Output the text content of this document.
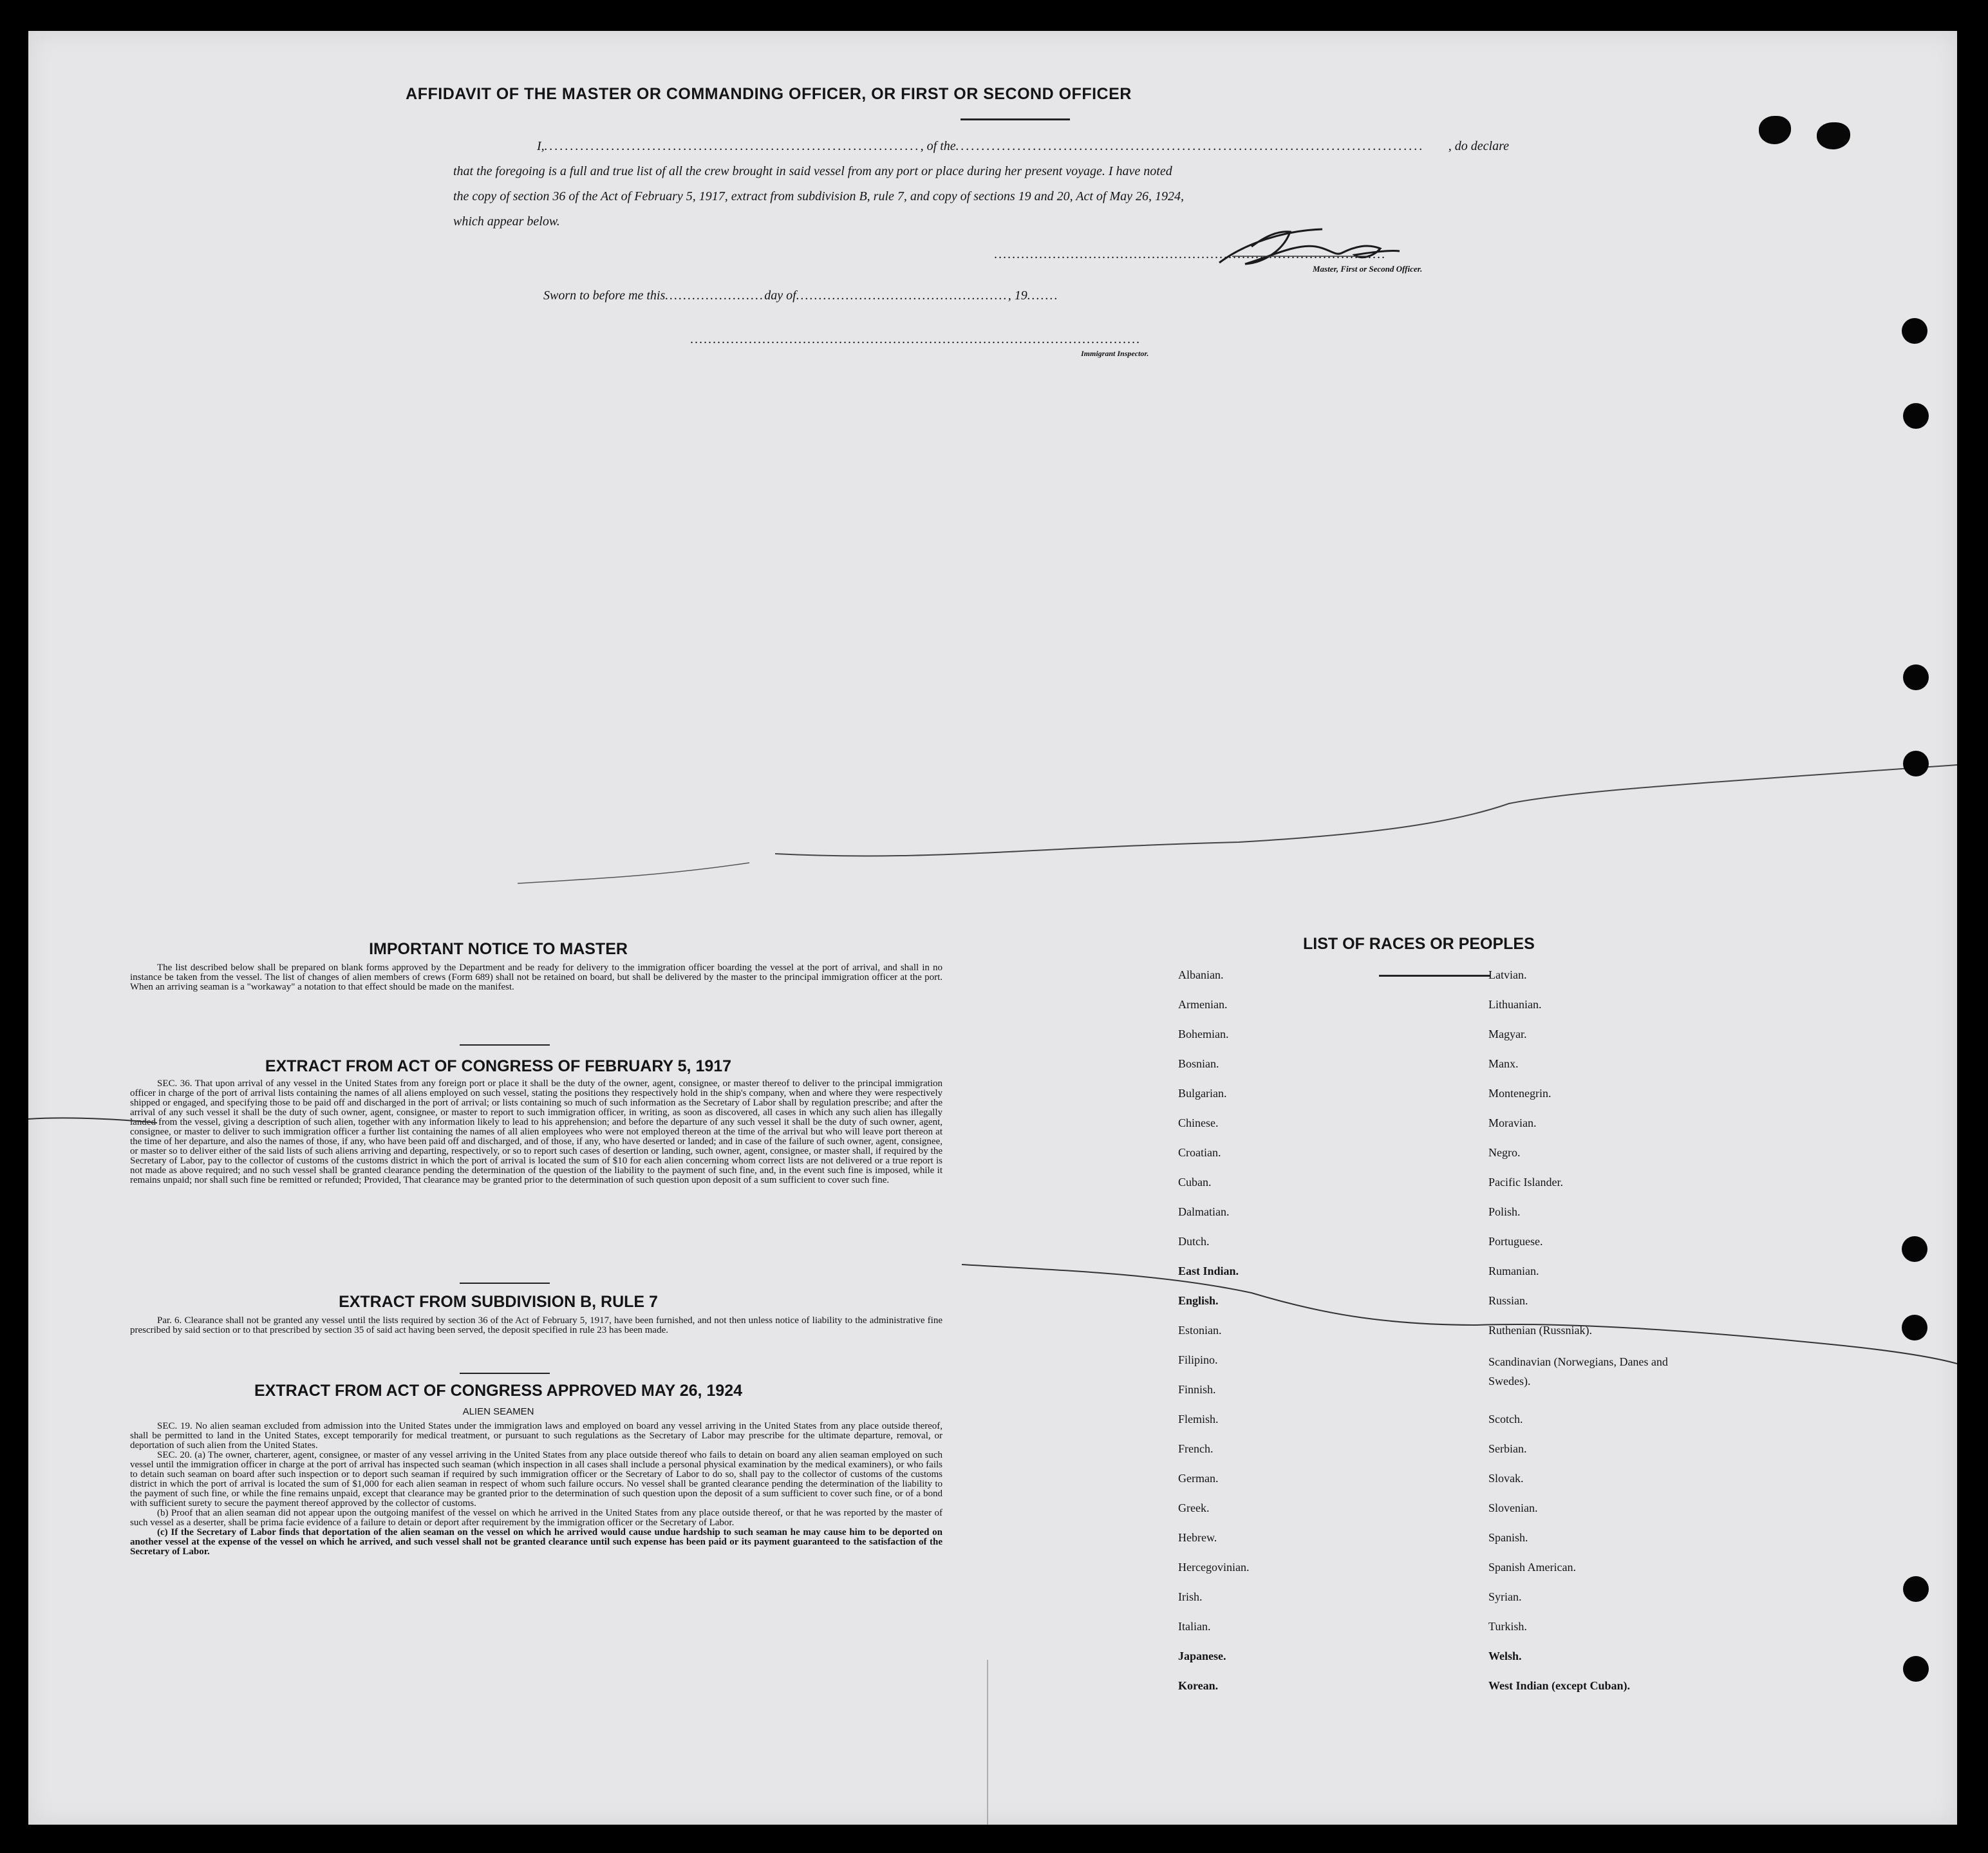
AFFIDAVIT OF THE MASTER OR COMMANDING OFFICER, OR FIRST OR SECOND OFFICER
I, ......................................................................... , of the ...........................................................................................	, do declare
that the foregoing is a full and true list of all the crew brought in said vessel from any port or place during her present voyage. I have noted
the copy of section 36 of the Act of February 5, 1917, extract from subdivision B, rule 7, and copy of sections 19 and 20, Act of May 26, 1924,
which appear below.
.......................................................................................
Master, First or Second Officer.
Sworn to before me this......................day of..............................................., 19.......
....................................................................................................
Immigrant Inspector.
IMPORTANT NOTICE TO MASTER

The list described below shall be prepared on blank forms approved by the Department and be ready for delivery to the immigration officer boarding the vessel at the port of arrival, and shall in no instance be taken from the vessel. The list of changes of alien members of crews (Form 689) shall not be retained on board, but shall be delivered by the master to the principal immigration officer at the port. When an arriving seaman is a "workaway" a notation to that effect should be made on the manifest.

EXTRACT FROM ACT OF CONGRESS OF FEBRUARY 5, 1917

SEC. 36. That upon arrival of any vessel in the United States from any foreign port or place it shall be the duty of the owner, agent, consignee, or master thereof to deliver to the principal immigration officer in charge of the port of arrival lists containing the names of all aliens employed on such vessel, stating the positions they respectively hold in the ship's company, when and where they were respectively shipped or engaged, and specifying those to be paid off and discharged in the port of arrival; or lists containing so much of such information as the Secretary of Labor shall by regulation prescribe; and after the arrival of any such vessel it shall be the duty of such owner, agent, consignee, or master to report to such immigration officer, in writing, as soon as discovered, all cases in which any such alien has illegally landed from the vessel, giving a description of such alien, together with any information likely to lead to his apprehension; and before the departure of any such vessel it shall be the duty of such owner, agent, consignee, or master to deliver to such immigration officer a further list containing the names of all alien employees who were not employed thereon at the time of the arrival but who will leave port thereon at the time of her departure, and also the names of those, if any, who have been paid off and discharged, and of those, if any, who have deserted or landed; and in case of the failure of such owner, agent, consignee, or master so to deliver either of the said lists of such aliens arriving and departing, respectively, or so to report such cases of desertion or landing, such owner, agent, consignee, or master shall, if required by the Secretary of Labor, pay to the collector of customs of the customs district in which the port of arrival is located the sum of $10 for each alien concerning whom correct lists are not delivered or a true report is not made as above required; and no such vessel shall be granted clearance pending the determination of the question of the liability to the payment of such fine, and, in the event such fine is imposed, while it remains unpaid; nor shall such fine be remitted or refunded; Provided, That clearance may be granted prior to the determination of such question upon deposit of a sum sufficient to cover such fine.

EXTRACT FROM SUBDIVISION B, RULE 7

Par. 6. Clearance shall not be granted any vessel until the lists required by section 36 of the Act of February 5, 1917, have been furnished, and not then unless notice of liability to the administrative fine prescribed by said section or to that prescribed by section 35 of said act having been served, the deposit specified in rule 23 has been made.

EXTRACT FROM ACT OF CONGRESS APPROVED MAY 26, 1924
ALIEN SEAMEN

SEC. 19. No alien seaman excluded from admission into the United States under the immigration laws and employed on board any vessel arriving in the United States from any place outside thereof, shall be permitted to land in the United States, except temporarily for medical treatment, or pursuant to such regulations as the Secretary of Labor may prescribe for the ultimate departure, removal, or deportation of such alien from the United States.

SEC. 20. (a) The owner, charterer, agent, consignee, or master of any vessel arriving in the United States from any place outside thereof who fails to detain on board any alien seaman employed on such vessel until the immigration officer in charge at the port of arrival has inspected such seaman (which inspection in all cases shall include a personal physical examination by the medical examiners), or who fails to detain such seaman on board after such inspection or to deport such seaman if required by such immigration officer or the Secretary of Labor to do so, shall pay to the collector of customs of the customs district in which the port of arrival is located the sum of $1,000 for each alien seaman in respect of whom such failure occurs. No vessel shall be granted clearance pending the determination of the liability to the payment of such fine, or while the fine remains unpaid, except that clearance may be granted prior to the determination of such question upon the deposit of a sum sufficient to cover such fine, or of a bond with sufficient surety to secure the payment thereof approved by the collector of customs.

(b) Proof that an alien seaman did not appear upon the outgoing manifest of the vessel on which he arrived in the United States from any place outside thereof, or that he was reported by the master of such vessel as a deserter, shall be prima facie evidence of a failure to detain or deport after requirement by the immigration officer or the Secretary of Labor.

(c) If the Secretary of Labor finds that deportation of the alien seaman on the vessel on which he arrived would cause undue hardship to such seaman he may cause him to be deported on another vessel at the expense of the vessel on which he arrived, and such vessel shall not be granted clearance until such expense has been paid or its payment guaranteed to the satisfaction of the Secretary of Labor.

LIST OF RACES OR PEOPLES
Albanian.
Armenian.
Bohemian.
Bosnian.
Bulgarian.
Chinese.
Croatian.
Cuban.
Dalmatian.
Dutch.
East Indian.
English.
Estonian.
Filipino.
Finnish.
Flemish.
French.
German.
Greek.
Hebrew.
Hercegovinian.
Irish.
Italian.
Japanese.
Korean.
Latvian.
Lithuanian.
Magyar.
Manx.
Montenegrin.
Moravian.
Negro.
Pacific Islander.
Polish.
Portuguese.
Rumanian.
Russian.
Ruthenian (Russniak).
Scandinavian (Norwegians, Danes and Swedes).
Scotch.
Serbian.
Slovak.
Slovenian.
Spanish.
Spanish American.
Syrian.
Turkish.
Welsh.
West Indian (except Cuban).
